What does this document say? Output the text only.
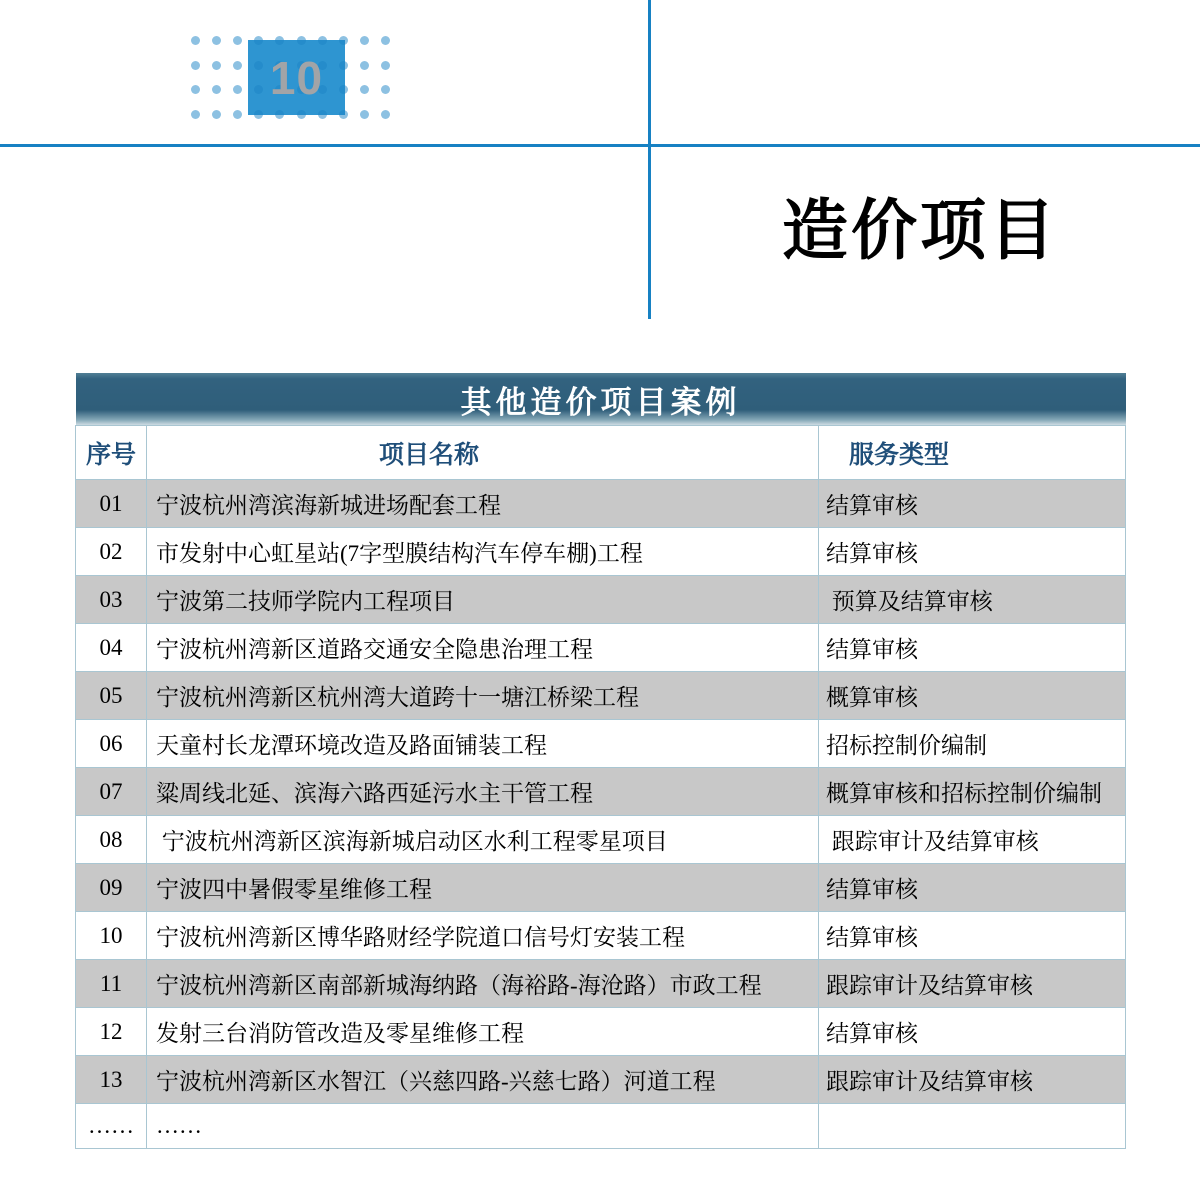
10
造价项目
其他造价项目案例		
序号	项目名称	服务类型
01	宁波杭州湾滨海新城进场配套工程	结算审核
02	市发射中心虹星站(7字型膜结构汽车停车棚)工程	结算审核
03	宁波第二技师学院内工程项目	预算及结算审核
04	宁波杭州湾新区道路交通安全隐患治理工程	结算审核
05	宁波杭州湾新区杭州湾大道跨十一塘江桥梁工程	概算审核
06	天童村长龙潭环境改造及路面铺装工程	招标控制价编制
07	粱周线北延、滨海六路西延污水主干管工程	概算审核和招标控制价编制
08	宁波杭州湾新区滨海新城启动区水利工程零星项目	跟踪审计及结算审核
09	宁波四中暑假零星维修工程	结算审核
10	宁波杭州湾新区博华路财经学院道口信号灯安装工程	结算审核
11	宁波杭州湾新区南部新城海纳路（海裕路-海沧路）市政工程	跟踪审计及结算审核
12	发射三台消防管改造及零星维修工程	结算审核
13	宁波杭州湾新区水智江（兴慈四路-兴慈七路）河道工程	跟踪审计及结算审核
……	……	
